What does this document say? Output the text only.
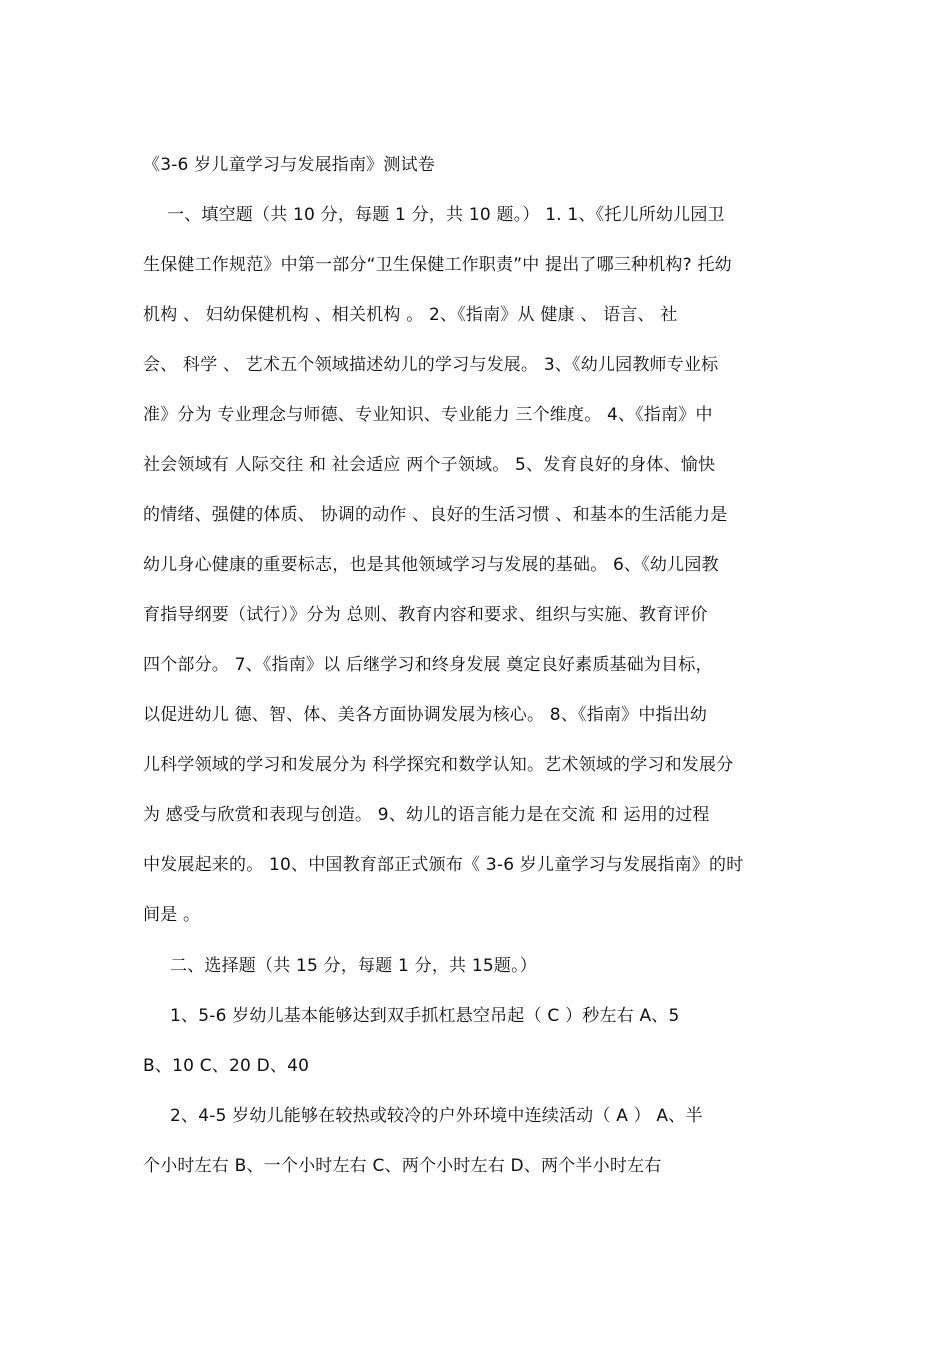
《3-6 岁儿童学习与发展指南》测试卷
一、填空题（共 10 分，每题 1 分，共 10 题。） 1. 1、《托儿所幼儿园卫
生保健工作规范》中第一部分“卫生保健工作职责”中 提出了哪三种机构? 托幼
机构 、 妇幼保健机构 、相关机构 。 2、《指南》从 健康 、 语言、 社
会、 科学 、 艺术五个领域描述幼儿的学习与发展。 3、《幼儿园教师专业标
准》分为 专业理念与师德、专业知识、专业能力 三个维度。 4、《指南》中
社会领域有 人际交往 和 社会适应 两个子领域。 5、发育良好的身体、愉快
的情绪、强健的体质、 协调的动作 、良好的生活习惯 、和基本的生活能力是
幼儿身心健康的重要标志，也是其他领域学习与发展的基础。 6、《幼儿园教
育指导纲要（试行）》分为 总则、教育内容和要求、组织与实施、教育评价
四个部分。 7、《指南》以 后继学习和终身发展 奠定良好素质基础为目标，
以促进幼儿 德、智、体、美各方面协调发展为核心。 8、《指南》中指出幼
儿科学领域的学习和发展分为 科学探究和数学认知。艺术领域的学习和发展分
为 感受与欣赏和表现与创造。 9、幼儿的语言能力是在交流 和 运用的过程
中发展起来的。 10、中国教育部正式颁布《 3-6 岁儿童学习与发展指南》的时
间是 。
二、选择题（共 15 分，每题 1 分，共 15题。）
1、5-6 岁幼儿基本能够达到双手抓杠悬空吊起（ C ）秒左右 A、5
B、10 C、20 D、40
2、4-5 岁幼儿能够在较热或较冷的户外环境中连续活动（ A ） A、半
个小时左右 B、一个小时左右 C、两个小时左右 D、两个半小时左右
